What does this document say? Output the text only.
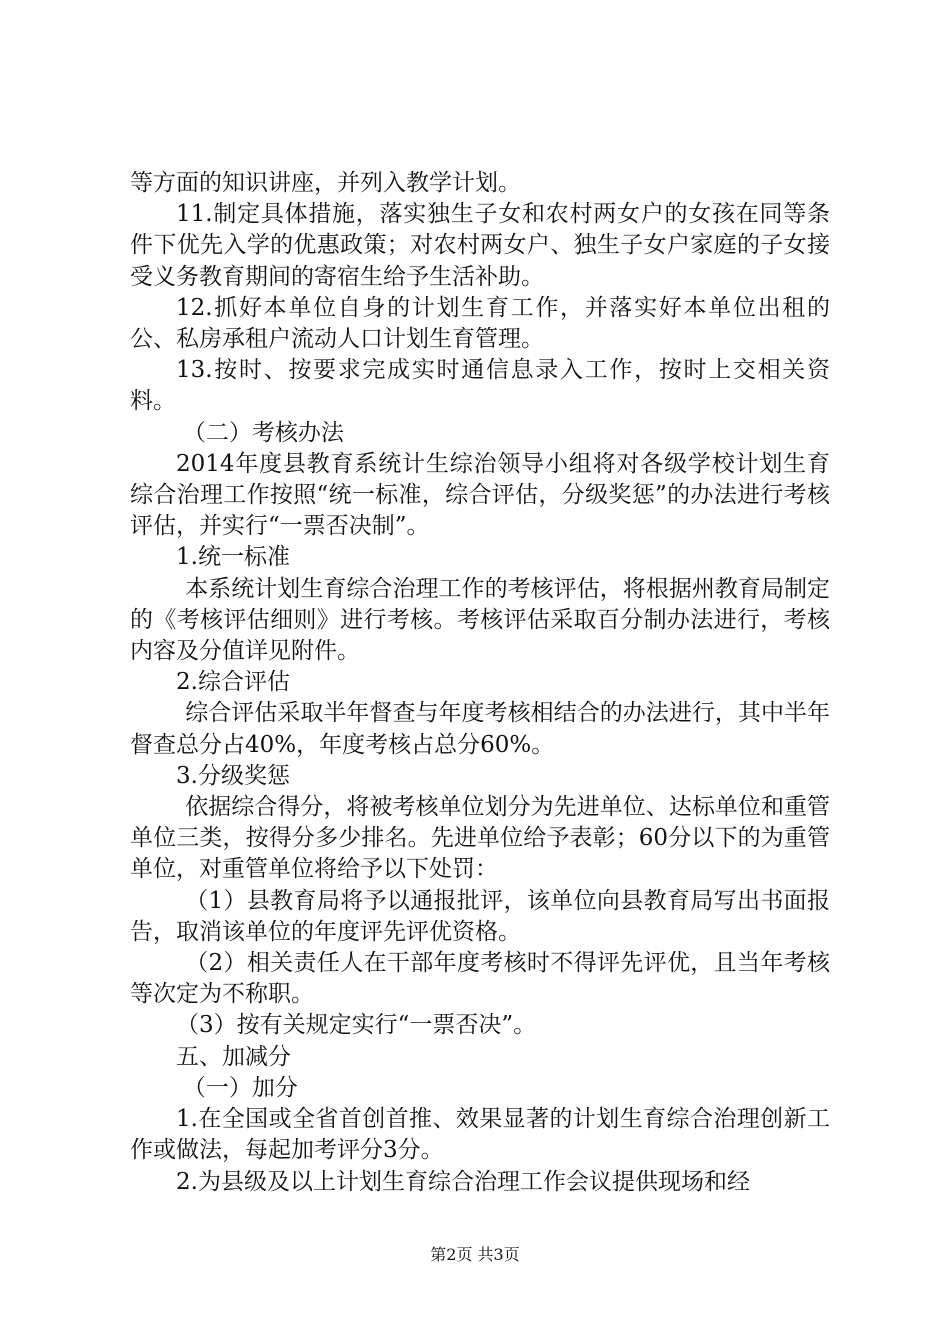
等方面的知识讲座，并列入教学计划。

11.制定具体措施，落实独生子女和农村两女户的女孩在同等条件下优先入学的优惠政策；对农村两女户、独生子女户家庭的子女接受义务教育期间的寄宿生给予生活补助。

12.抓好本单位自身的计划生育工作，并落实好本单位出租的公、私房承租户流动人口计划生育管理。

13.按时、按要求完成实时通信息录入工作，按时上交相关资料。

（二）考核办法

2014年度县教育系统计生综治领导小组将对各级学校计划生育综合治理工作按照“统一标准，综合评估，分级奖惩”的办法进行考核评估，并实行“一票否决制”。

1.统一标准

本系统计划生育综合治理工作的考核评估，将根据州教育局制定的《考核评估细则》进行考核。考核评估采取百分制办法进行，考核内容及分值详见附件。

2.综合评估

综合评估采取半年督查与年度考核相结合的办法进行，其中半年督查总分占40%，年度考核占总分60%。

3.分级奖惩

依据综合得分，将被考核单位划分为先进单位、达标单位和重管单位三类，按得分多少排名。先进单位给予表彰；60分以下的为重管单位，对重管单位将给予以下处罚：

（1）县教育局将予以通报批评，该单位向县教育局写出书面报告，取消该单位的年度评先评优资格。

（2）相关责任人在干部年度考核时不得评先评优，且当年考核等次定为不称职。

（3）按有关规定实行“一票否决”。

五、加减分

（一）加分

1.在全国或全省首创首推、效果显著的计划生育综合治理创新工作或做法，每起加考评分3分。

2.为县级及以上计划生育综合治理工作会议提供现场和经

第2页 共3页
